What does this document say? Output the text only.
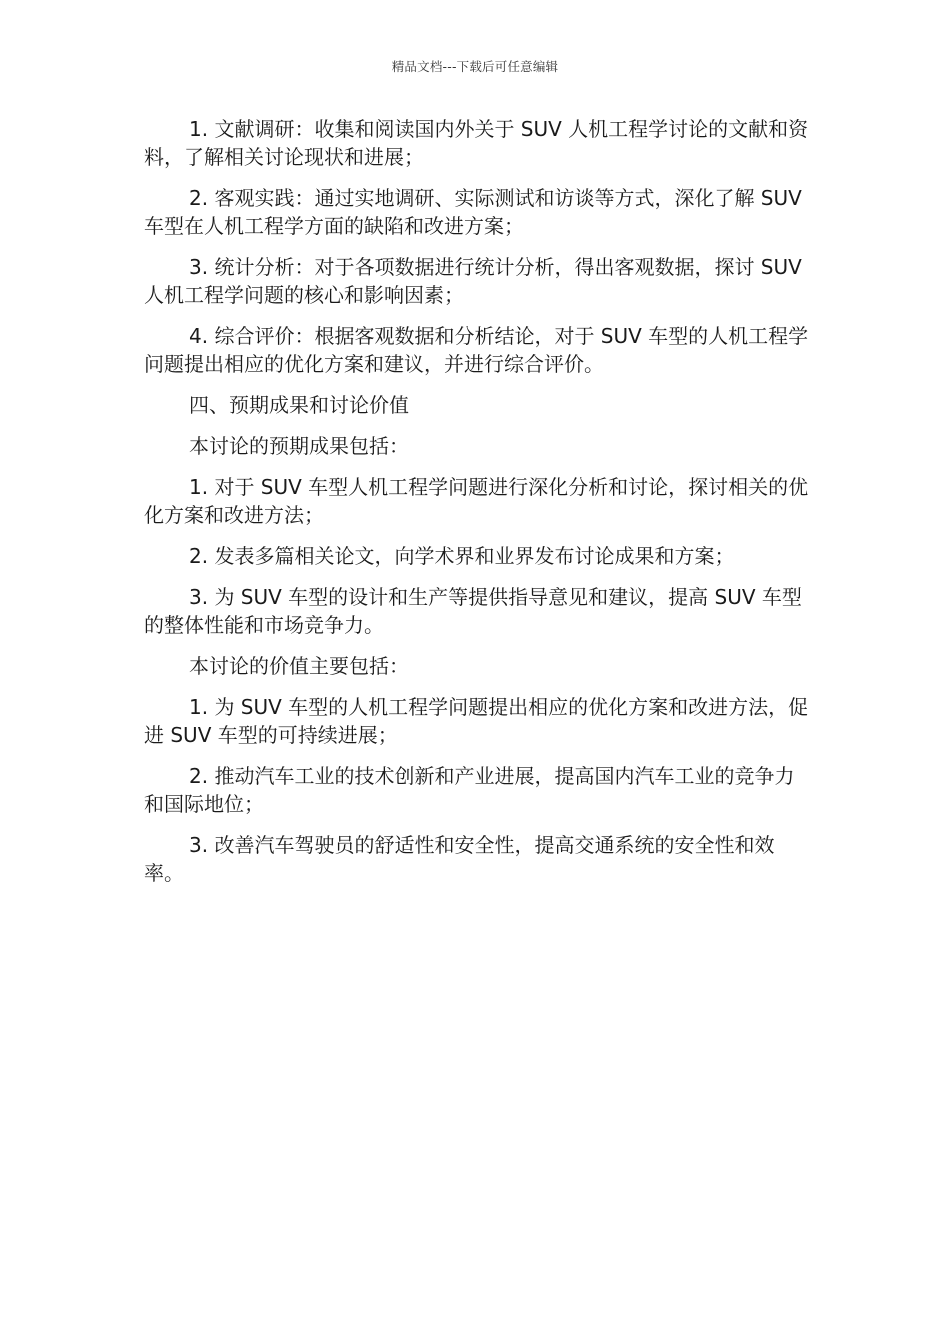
精品文档---下载后可任意编辑

1. 文献调研：收集和阅读国内外关于 SUV 人机工程学讨论的文献和资料，了解相关讨论现状和进展；

2. 客观实践：通过实地调研、实际测试和访谈等方式，深化了解 SUV 车型在人机工程学方面的缺陷和改进方案；

3. 统计分析：对于各项数据进行统计分析，得出客观数据，探讨 SUV 人机工程学问题的核心和影响因素；

4. 综合评价：根据客观数据和分析结论，对于 SUV 车型的人机工程学问题提出相应的优化方案和建议，并进行综合评价。

四、预期成果和讨论价值

本讨论的预期成果包括：

1. 对于 SUV 车型人机工程学问题进行深化分析和讨论，探讨相关的优化方案和改进方法；

2. 发表多篇相关论文，向学术界和业界发布讨论成果和方案；

3. 为 SUV 车型的设计和生产等提供指导意见和建议，提高 SUV 车型的整体性能和市场竞争力。

本讨论的价值主要包括：

1. 为 SUV 车型的人机工程学问题提出相应的优化方案和改进方法，促进 SUV 车型的可持续进展；

2. 推动汽车工业的技术创新和产业进展，提高国内汽车工业的竞争力和国际地位；

3. 改善汽车驾驶员的舒适性和安全性，提高交通系统的安全性和效率。
